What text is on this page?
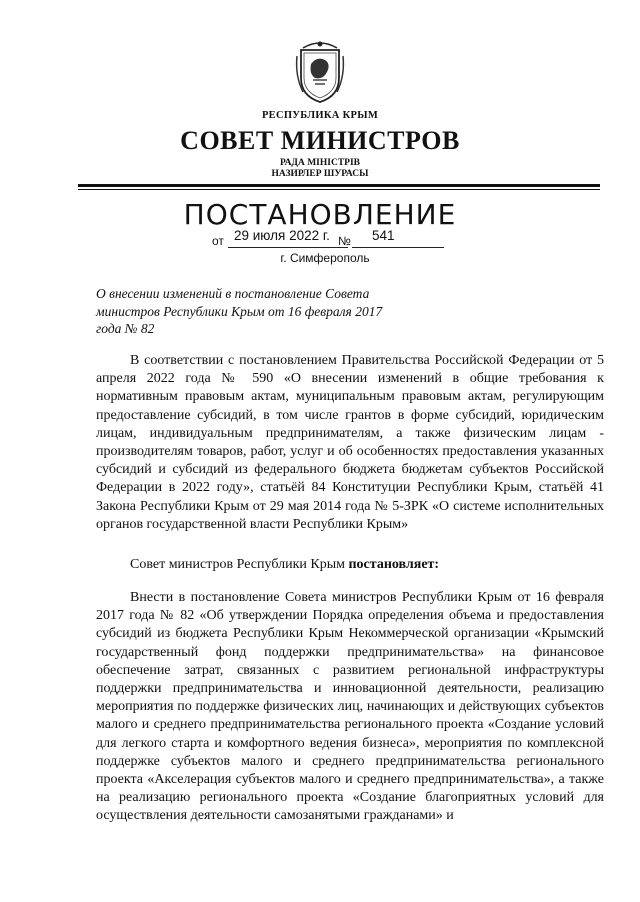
РЕСПУБЛИКА КРЫМ
СОВЕТ МИНИСТРОВ
РАДА МІНІСТРІВ
НАЗИРЛЕР ШУРАСЫ
ПОСТАНОВЛЕНИЕ
от 29 июля 2022 г. № 541
г. Симферополь
О внесении изменений в постановление Совета министров Республики Крым от 16 февраля 2017 года № 82
В соответствии с постановлением Правительства Российской Федерации от 5 апреля 2022 года № 590 «О внесении изменений в общие требования к нормативным правовым актам, муниципальным правовым актам, регулирующим предоставление субсидий, в том числе грантов в форме субсидий, юридическим лицам, индивидуальным предпринимателям, а также физическим лицам - производителям товаров, работ, услуг и об особенностях предоставления указанных субсидий и субсидий из федерального бюджета бюджетам субъектов Российской Федерации в 2022 году», статьёй 84 Конституции Республики Крым, статьёй 41 Закона Республики Крым от 29 мая 2014 года № 5-ЗРК «О системе исполнительных органов государственной власти Республики Крым»
Совет министров Республики Крым постановляет:
Внести в постановление Совета министров Республики Крым от 16 февраля 2017 года № 82 «Об утверждении Порядка определения объема и предоставления субсидий из бюджета Республики Крым Некоммерческой организации «Крымский государственный фонд поддержки предпринимательства» на финансовое обеспечение затрат, связанных с развитием региональной инфраструктуры поддержки предпринимательства и инновационной деятельности, реализацию мероприятия по поддержке физических лиц, начинающих и действующих субъектов малого и среднего предпринимательства регионального проекта «Создание условий для легкого старта и комфортного ведения бизнеса», мероприятия по комплексной поддержке субъектов малого и среднего предпринимательства регионального проекта «Акселерация субъектов малого и среднего предпринимательства», а также на реализацию регионального проекта «Создание благоприятных условий для осуществления деятельности самозанятыми гражданами» и
